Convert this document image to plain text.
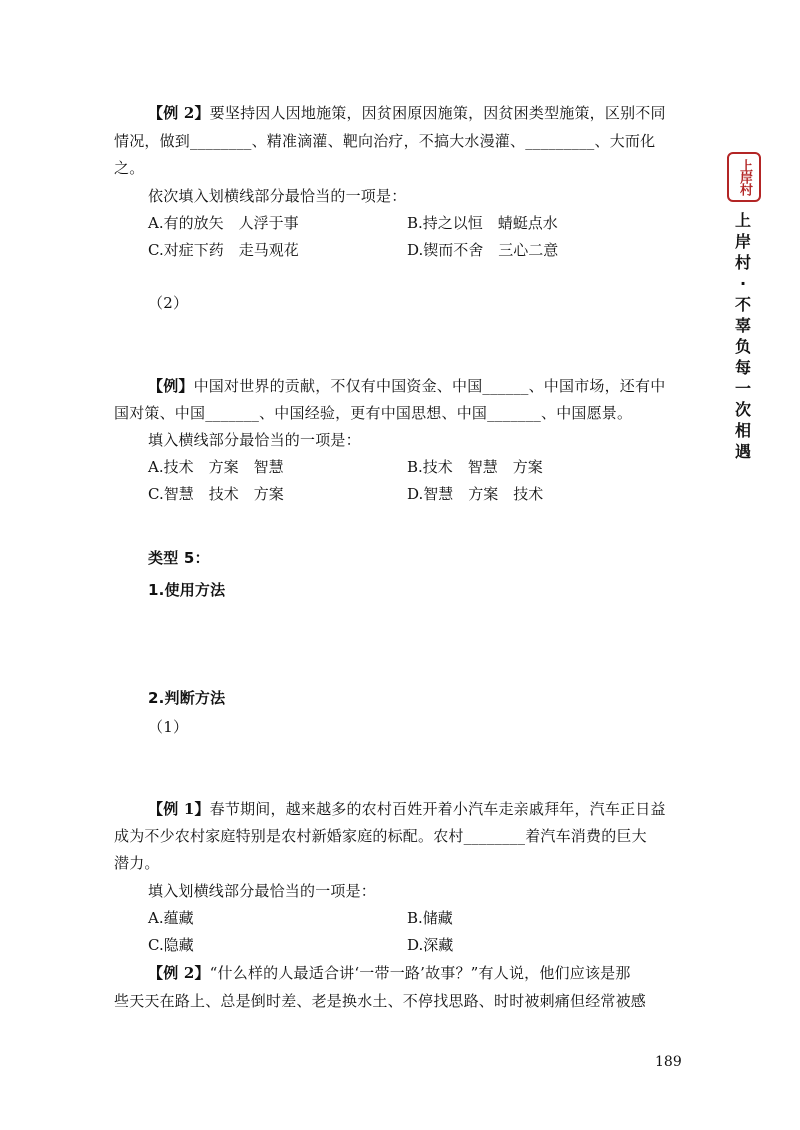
上岸村
上岸村·不辜负每一次相遇
【例 2】要坚持因人因地施策，因贫困原因施策，因贫困类型施策，区别不同
情况，做到________、精准滴灌、靶向治疗，不搞大水漫灌、_________、大而化
之。
依次填入划横线部分最恰当的一项是：
A.有的放矢　人浮于事	B.持之以恒　蜻蜓点水
C.对症下药　走马观花	D.锲而不舍　三心二意
（2）
【例】中国对世界的贡献，不仅有中国资金、中国______、中国市场，还有中
国对策、中国_______、中国经验，更有中国思想、中国_______、中国愿景。
填入横线部分最恰当的一项是：
A.技术　方案　智慧	B.技术　智慧　方案
C.智慧　技术　方案	D.智慧　方案　技术
类型 5：
1.使用方法
2.判断方法
（1）
【例 1】春节期间，越来越多的农村百姓开着小汽车走亲戚拜年，汽车正日益
成为不少农村家庭特别是农村新婚家庭的标配。农村________着汽车消费的巨大
潜力。
填入划横线部分最恰当的一项是：
A.蕴藏	B.储藏
C.隐藏	D.深藏
【例 2】“什么样的人最适合讲‘一带一路’故事？”有人说，他们应该是那
些天天在路上、总是倒时差、老是换水土、不停找思路、时时被刺痛但经常被感
189
